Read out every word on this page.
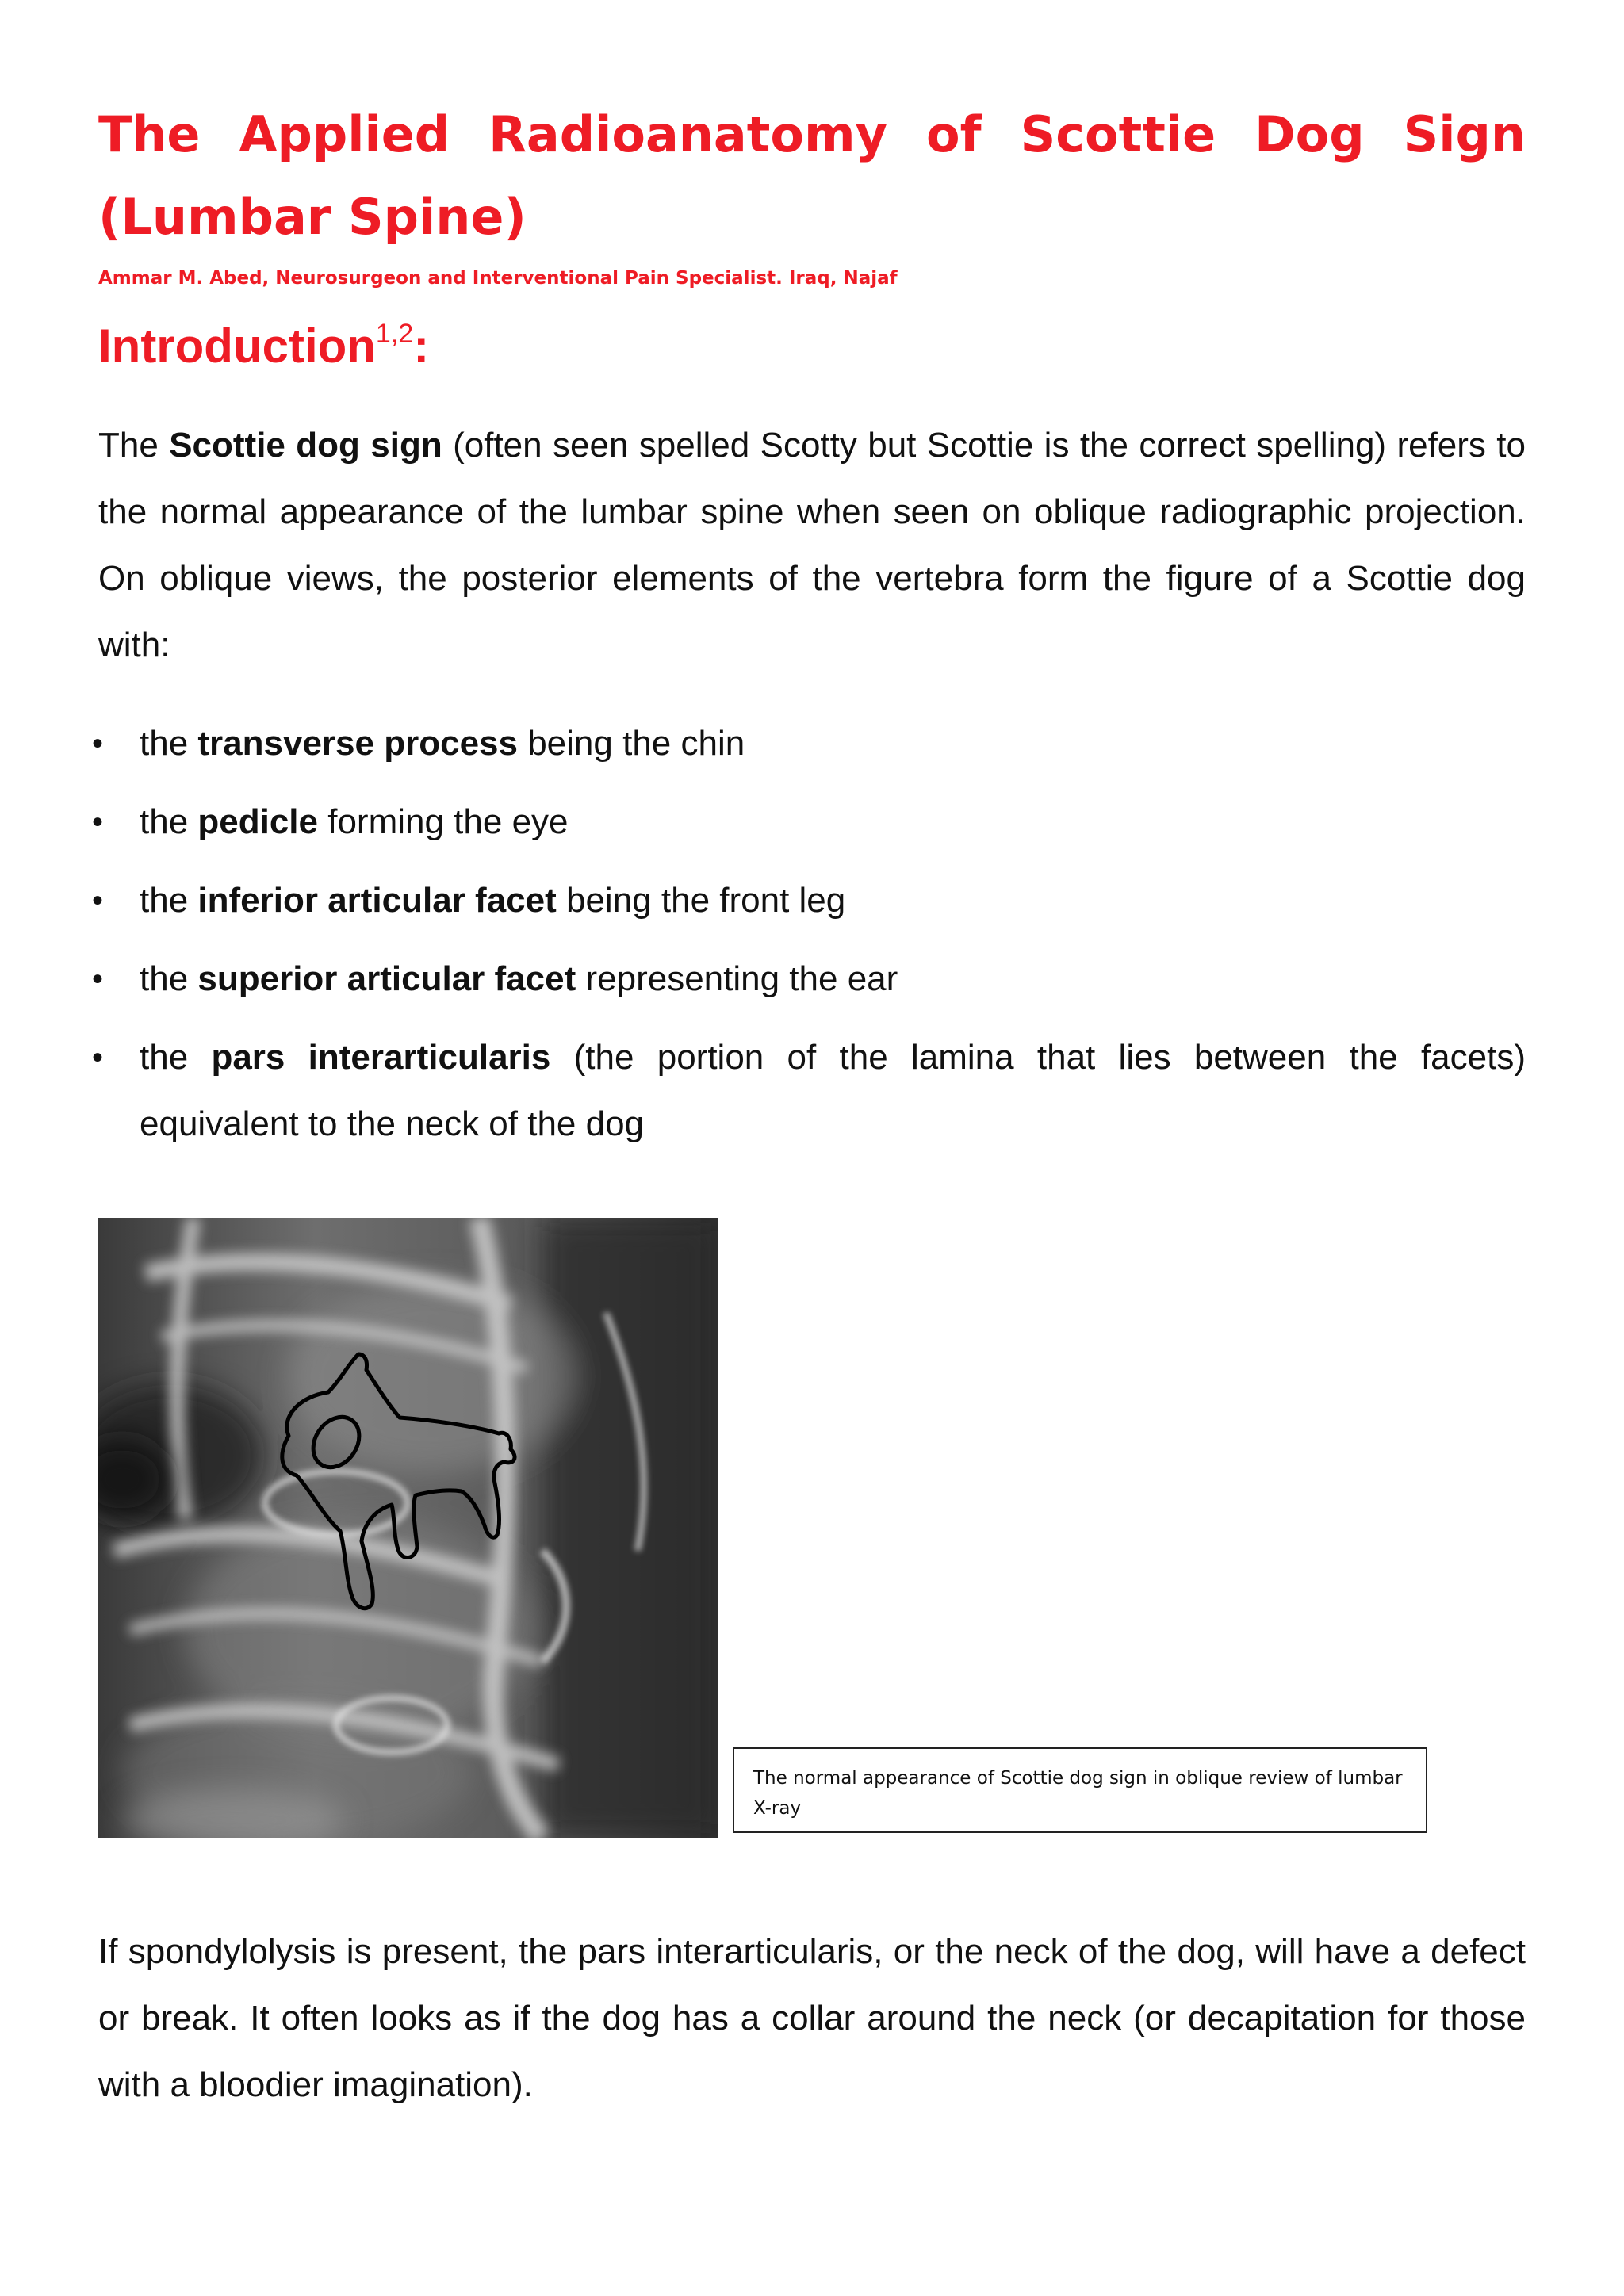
The Applied Radioanatomy of Scottie Dog Sign (Lumbar Spine)

Ammar M. Abed, Neurosurgeon and Interventional Pain Specialist. Iraq, Najaf

Introduction$^{1,2}$:

The Scottie dog sign (often seen spelled Scotty but Scottie is the correct spelling) refers to the normal appearance of the lumbar spine when seen on oblique radiographic projection. On oblique views, the posterior elements of the vertebra form the figure of a Scottie dog with:

• the transverse process being the chin
• the pedicle forming the eye
• the inferior articular facet being the front leg
• the superior articular facet representing the ear
• the pars interarticularis (the portion of the lamina that lies between the facets) equivalent to the neck of the dog
The normal appearance of Scottie dog sign in oblique review of lumbar X-ray

If spondylolysis is present, the pars interarticularis, or the neck of the dog, will have a defect or break. It often looks as if the dog has a collar around the neck (or decapitation for those with a bloodier imagination).
